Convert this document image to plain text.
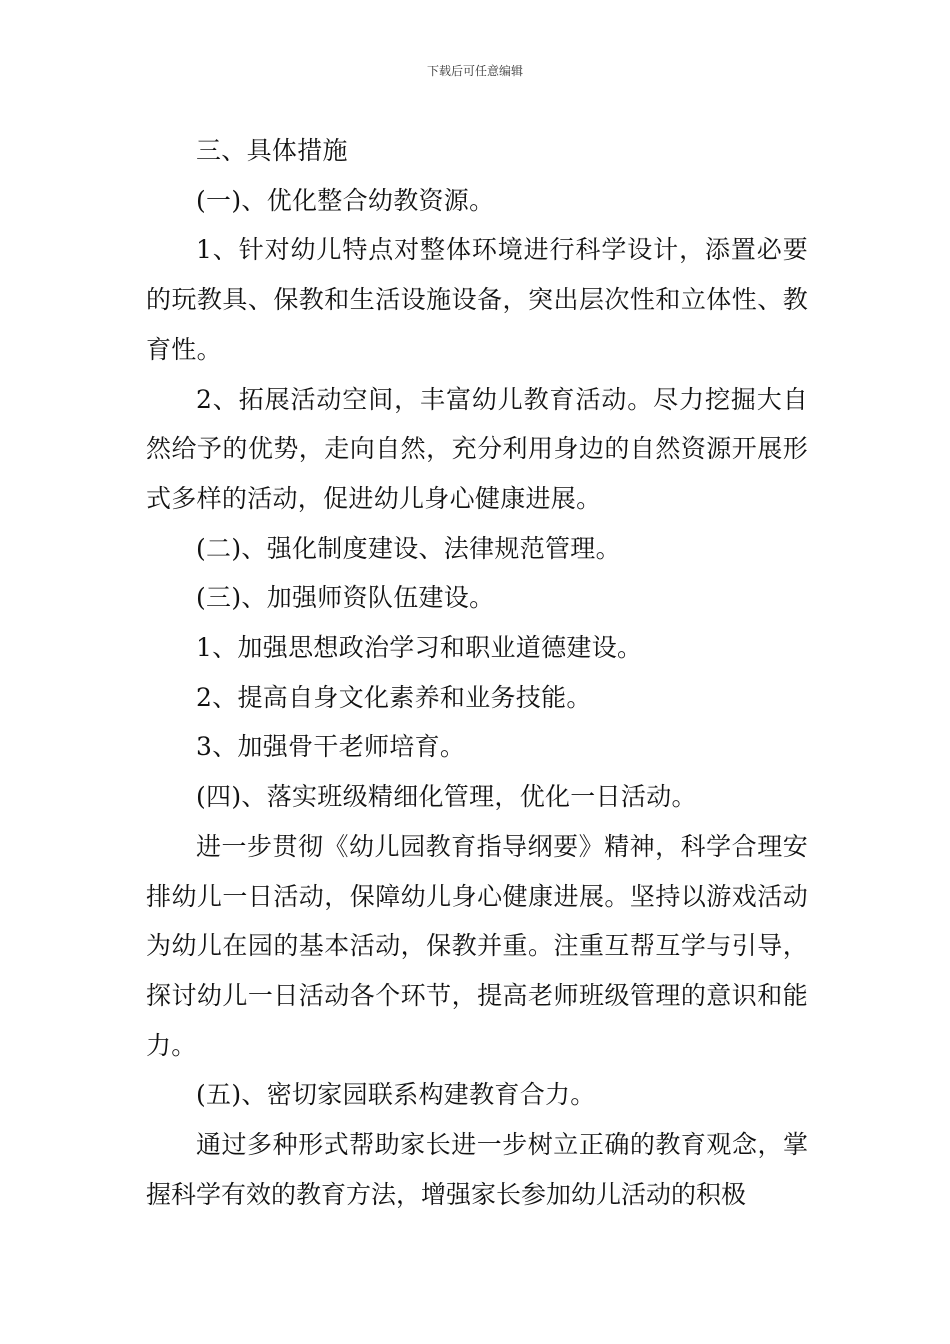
下载后可任意编辑

三、具体措施

(一)、优化整合幼教资源。

1、针对幼儿特点对整体环境进行科学设计，添置必要的玩教具、保教和生活设施设备，突出层次性和立体性、教育性。

2、拓展活动空间，丰富幼儿教育活动。尽力挖掘大自然给予的优势，走向自然，充分利用身边的自然资源开展形式多样的活动，促进幼儿身心健康进展。

(二)、强化制度建设、法律规范管理。

(三)、加强师资队伍建设。

1、加强思想政治学习和职业道德建设。

2、提高自身文化素养和业务技能。

3、加强骨干老师培育。

(四)、落实班级精细化管理，优化一日活动。

进一步贯彻《幼儿园教育指导纲要》精神，科学合理安排幼儿一日活动，保障幼儿身心健康进展。坚持以游戏活动为幼儿在园的基本活动，保教并重。注重互帮互学与引导，探讨幼儿一日活动各个环节，提高老师班级管理的意识和能力。

(五)、密切家园联系构建教育合力。

通过多种形式帮助家长进一步树立正确的教育观念，掌握科学有效的教育方法，增强家长参加幼儿活动的积极
